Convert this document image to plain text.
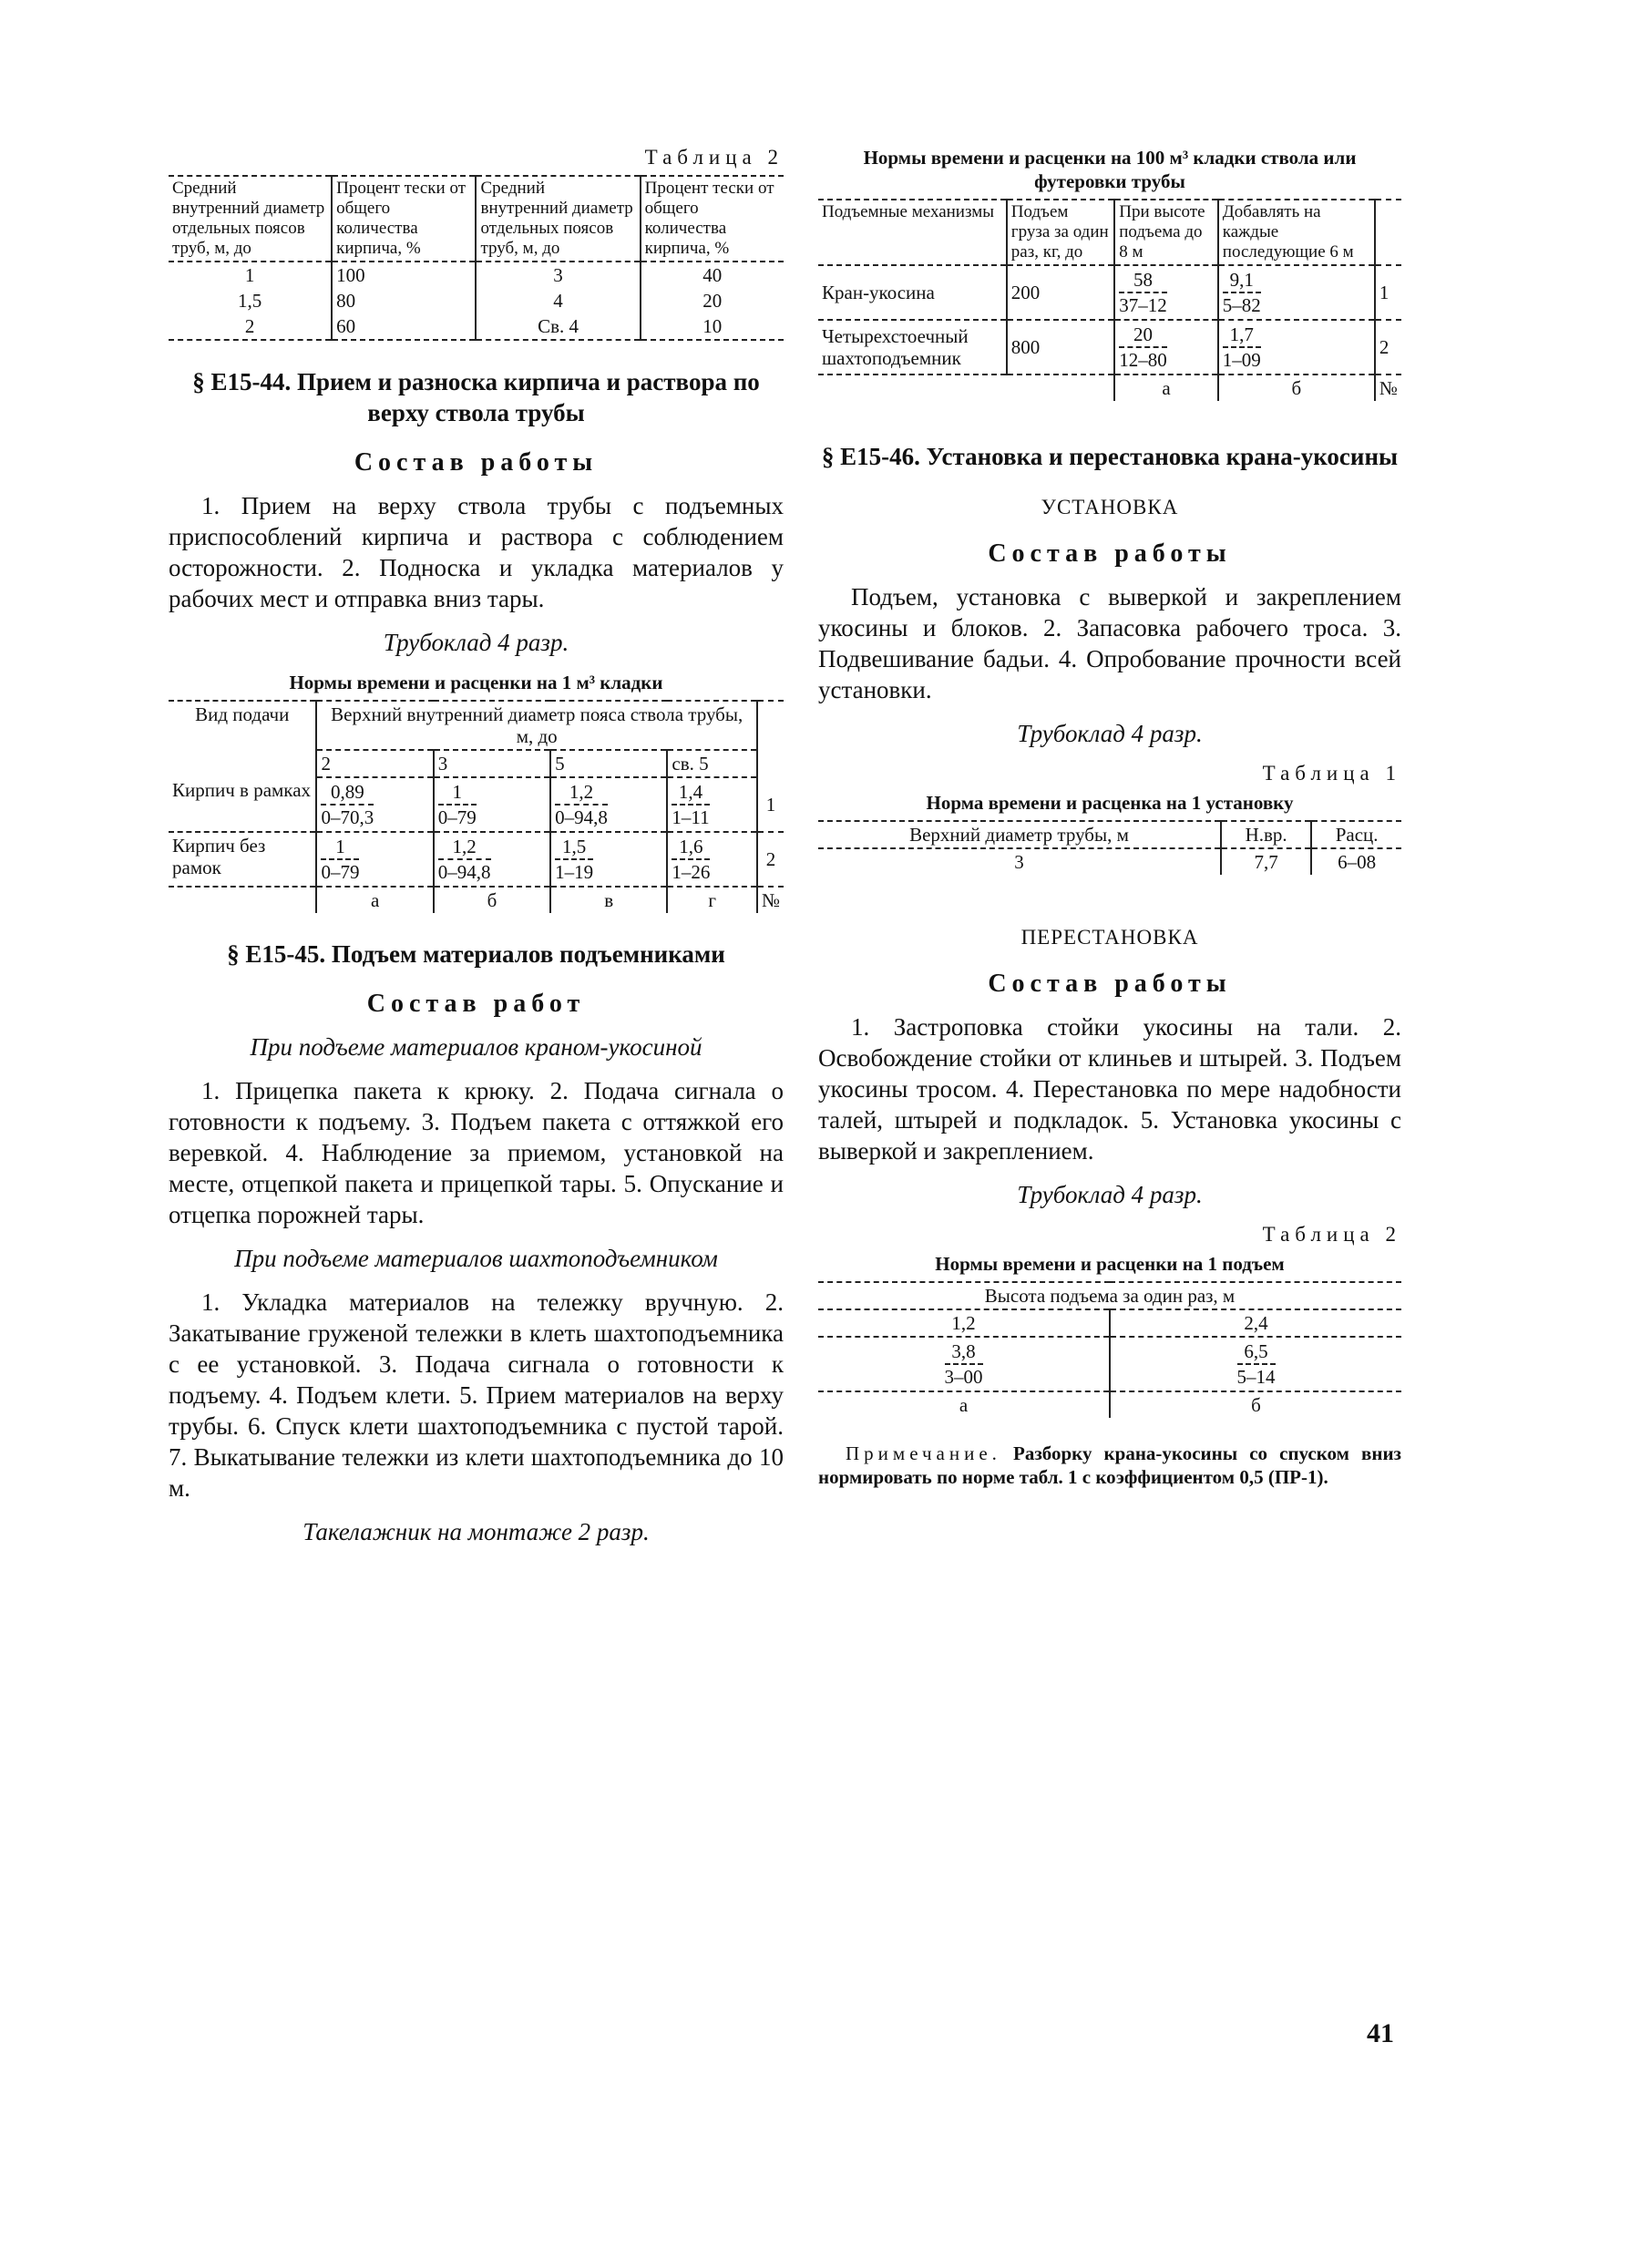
Таблица 2
Средний внутренний диаметр отдельных поясов труб, м, до	Процент тески от общего количества кирпича, %	Средний внутренний диаметр отдельных поясов труб, м, до	Процент тески от общего количества кирпича, %
1	100	3	40
1,5	80	4	20
2	60	Св. 4	10
§ Е15-44. Прием и разноска кирпича и раствора по верху ствола трубы
Состав работы

1. Прием на верху ствола трубы с подъемных приспособлений кирпича и раствора с соблюдением осторожности. 2. Подноска и укладка материалов у рабочих мест и отправка вниз тары.

Трубоклад 4 разр.

Нормы времени и расценки на 1 м³ кладки
Вид подачи	Верхний внутренний диаметр пояса ствола трубы, м, до				
	2	3	5	св. 5	
Кирпич в рамках	$\frac{0,89}{0-70,3}$	$\frac{1}{0-79}$	$\frac{1,2}{0-94,8}$	$\frac{1,4}{1-11}$	1
Кирпич без рамок	$\frac{1}{0-79}$	$\frac{1,2}{0-94,8}$	$\frac{1,5}{1-19}$	$\frac{1,6}{1-26}$	2
	а	б	в	г	№
§ Е15-45. Подъем материалов подъемниками
Состав работ

При подъеме материалов краном-укосиной

1. Прицепка пакета к крюку. 2. Подача сигнала о готовности к подъему. 3. Подъем пакета с оттяжкой его веревкой. 4. Наблюдение за приемом, установкой на месте, отцепкой пакета и прицепкой тары. 5. Опускание и отцепка порожней тары.

При подъеме материалов шахтоподъемником

1. Укладка материалов на тележку вручную. 2. Закатывание груженой тележки в клеть шахтоподъемника с ее установкой. 3. Подача сигнала о готовности к подъему. 4. Подъем клети. 5. Прием материалов на верху трубы. 6. Спуск клети шахтоподъемника с пустой тарой. 7. Выкатывание тележки из клети шахтоподъемника до 10 м.

Такелажник на монтаже 2 разр.

Нормы времени и расценки на 100 м³ кладки ствола или футеровки трубы
Подъемные механизмы	Подъем груза за один раз, кг, до	При высоте подъема до 8 м	Добавлять на каждые последующие 6 м	
Кран-укосина	200	$\frac{58}{37-12}$	$\frac{9,1}{5-82}$	1
Четырехстоечный шахтоподъемник	800	$\frac{20}{12-80}$	$\frac{1,7}{1-09}$	2
		а	б	№
§ Е15-46. Установка и перестановка крана-укосины
УСТАНОВКА
Состав работы

Подъем, установка с выверкой и закреплением укосины и блоков. 2. Запасовка рабочего троса. 3. Подвешивание бадьи. 4. Опробование прочности всей установки.

Трубоклад 4 разр.

Таблица 1
Норма времени и расценка на 1 установку
Верхний диаметр трубы, м	Н.вр.	Расц.
3	7,7	6–08
ПЕРЕСТАНОВКА
Состав работы

1. Застроповка стойки укосины на тали. 2. Освобождение стойки от клиньев и штырей. 3. Подъем укосины тросом. 4. Перестановка по мере надобности талей, штырей и подкладок. 5. Установка укосины с выверкой и закреплением.

Трубоклад 4 разр.

Таблица 2
Нормы времени и расценки на 1 подъем
Высота подъема за один раз, м	
1,2	2,4

$\frac{3,8}{3-00}$	$\frac{6,5}{5-14}$

а	б

Примечание. Разборку крана-укосины со спуском вниз нормировать по норме табл. 1 с коэффициентом 0,5 (ПР-1).

41
